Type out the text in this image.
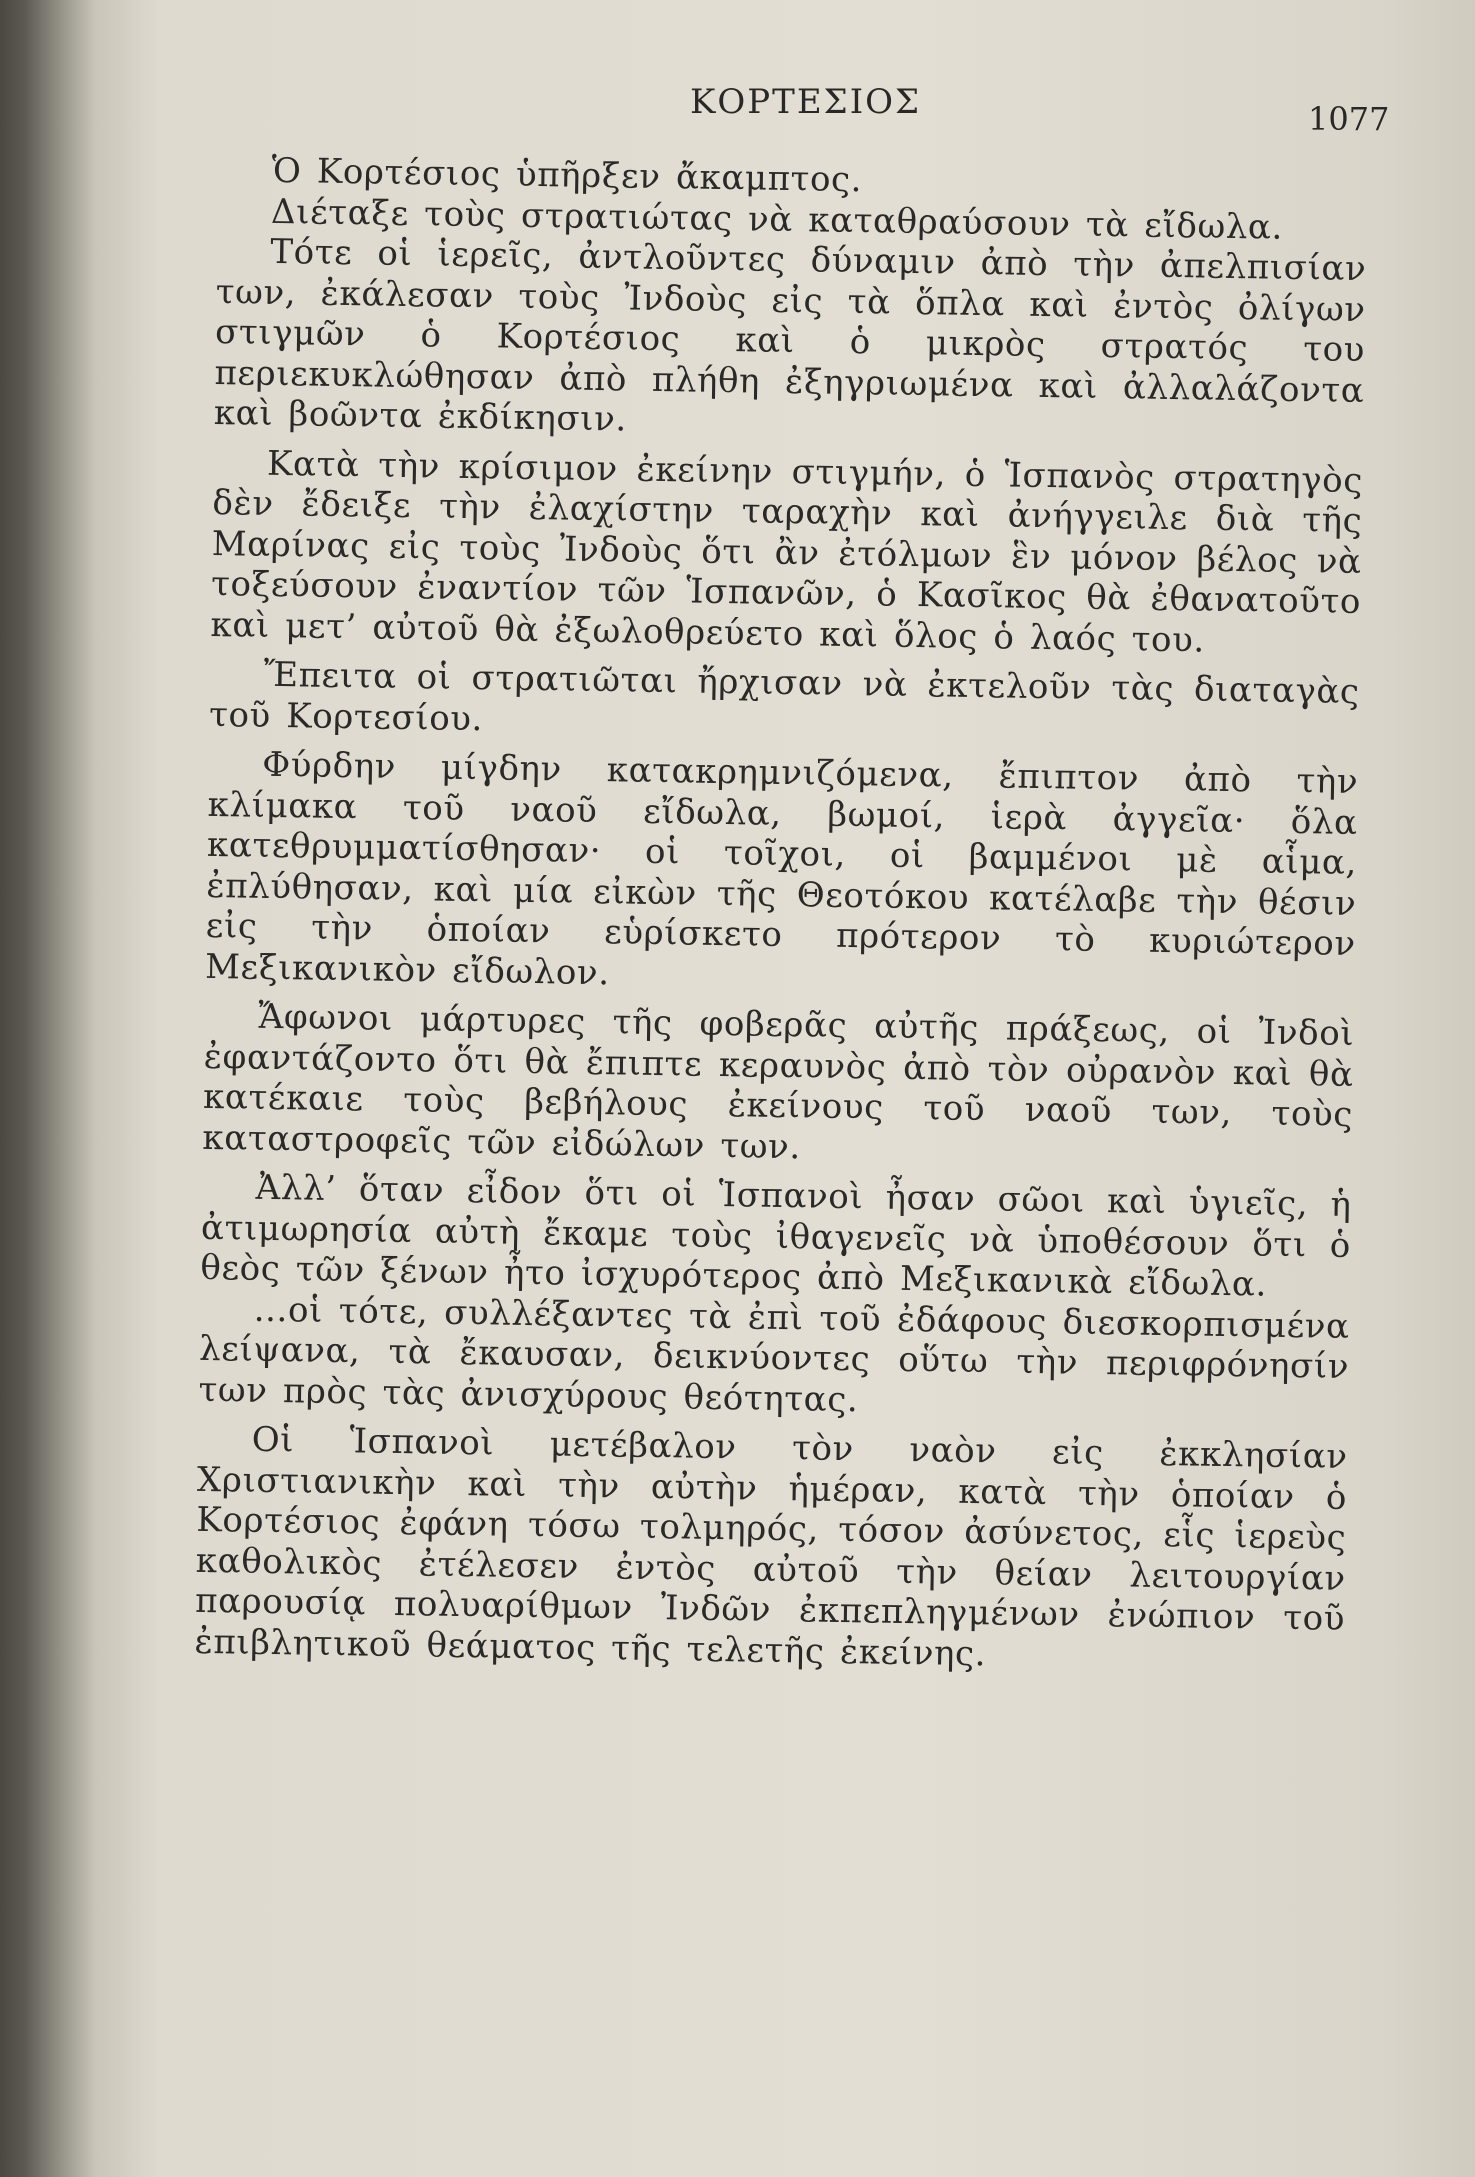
ΚΟΡΤΕΣΙΟΣ	1077

Ὁ Κορτέσιος ὑπῆρξεν ἄκαμπτος.

Διέταξε τοὺς στρατιώτας νὰ καταθραύσουν τὰ εἴδωλα.

Τότε οἱ ἱερεῖς, ἀντλοῦντες δύναμιν ἀπὸ τὴν ἀπελπισίαν των, ἐκάλεσαν τοὺς Ἰνδοὺς εἰς τὰ ὅπλα καὶ ἐντὸς ὀλίγων στιγμῶν ὁ Κορτέσιος καὶ ὁ μικρὸς στρατός του περιεκυκλώθησαν ἀπὸ πλήθη ἐξηγριωμένα καὶ ἀλλαλάζοντα καὶ βοῶντα ἐκδίκησιν.

Κατὰ τὴν κρίσιμον ἐκείνην στιγμήν, ὁ Ἱσπανὸς στρατηγὸς δὲν ἔδειξε τὴν ἐλαχίστην ταραχὴν καὶ ἀνήγγειλε διὰ τῆς Μαρίνας εἰς τοὺς Ἰνδοὺς ὅτι ἂν ἐτόλμων ἓν μόνον βέλος νὰ τοξεύσουν ἐναντίον τῶν Ἱσπανῶν, ὁ Κασῖκος θὰ ἐθανατοῦτο καὶ μετ’ αὐτοῦ θὰ ἐξωλοθρεύετο καὶ ὅλος ὁ λαός του.

Ἔπειτα οἱ στρατιῶται ἤρχισαν νὰ ἐκτελοῦν τὰς διαταγὰς τοῦ Κορτεσίου.

Φύρδην μίγδην κατακρημνιζόμενα, ἔπιπτον ἀπὸ τὴν κλίμακα τοῦ ναοῦ εἴδωλα, βωμοί, ἱερὰ ἀγγεῖα· ὅλα κατεθρυμματίσθησαν· οἱ τοῖχοι, οἱ βαμμένοι μὲ αἷμα, ἐπλύθησαν, καὶ μία εἰκὼν τῆς Θεοτόκου κατέλαβε τὴν θέσιν εἰς τὴν ὁποίαν εὑρίσκετο πρότερον τὸ κυριώτερον Μεξικανικὸν εἴδωλον.

Ἄφωνοι μάρτυρες τῆς φοβερᾶς αὐτῆς πράξεως, οἱ Ἰνδοὶ ἐφαντάζοντο ὅτι θὰ ἔπιπτε κεραυνὸς ἀπὸ τὸν οὐρανὸν καὶ θὰ κατέκαιε τοὺς βεβήλους ἐκείνους τοῦ ναοῦ των, τοὺς καταστροφεῖς τῶν εἰδώλων των.

Ἀλλ’ ὅταν εἶδον ὅτι οἱ Ἱσπανοὶ ἦσαν σῶοι καὶ ὑγιεῖς, ἡ ἀτιμωρησία αὐτὴ ἔκαμε τοὺς ἰθαγενεῖς νὰ ὑποθέσουν ὅτι ὁ θεὸς τῶν ξένων ἦτο ἰσχυρότερος ἀπὸ Μεξικανικὰ εἴδωλα.

...οἱ τότε, συλλέξαντες τὰ ἐπὶ τοῦ ἐδάφους διεσκορπισμένα λείψανα, τὰ ἔκαυσαν, δεικνύοντες οὕτω τὴν περιφρόνησίν των πρὸς τὰς ἀνισχύρους θεότητας.

Οἱ Ἱσπανοὶ μετέβαλον τὸν ναὸν εἰς ἐκκλησίαν Χριστιανικὴν καὶ τὴν αὐτὴν ἡμέραν, κατὰ τὴν ὁποίαν ὁ Κορτέσιος ἐφάνη τόσω τολμηρός, τόσον ἀσύνετος, εἷς ἱερεὺς καθολικὸς ἐτέλεσεν ἐντὸς αὐτοῦ τὴν θείαν λειτουργίαν παρουσίᾳ πολυαρίθμων Ἰνδῶν ἐκπεπληγμένων ἐνώπιον τοῦ ἐπιβλητικοῦ θεάματος τῆς τελετῆς ἐκείνης.
